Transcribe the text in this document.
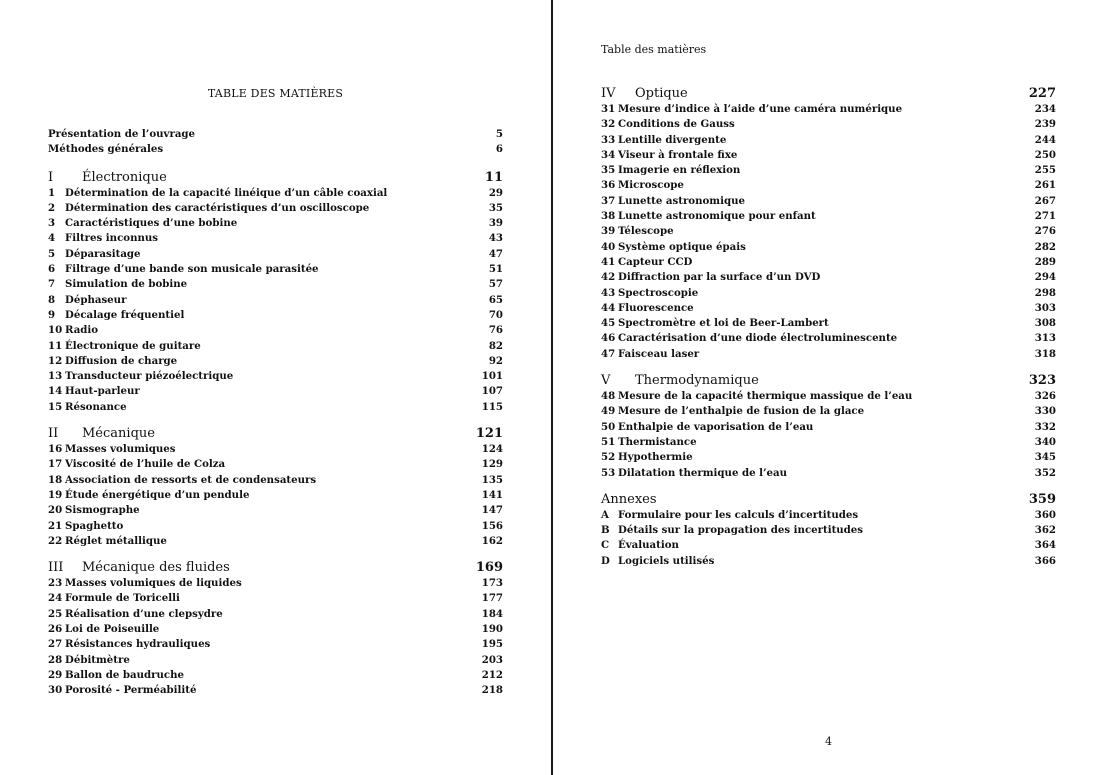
TABLE DES MATIÈRES
Présentation de l’ouvrage	5
Méthodes générales	6
I	Électronique	11
1 Détermination de la capacité linéique d’un câble coaxial	29
2 Détermination des caractéristiques d’un oscilloscope	35
3 Caractéristiques d’une bobine	39
4 Filtres inconnus	43
5 Déparasitage	47
6 Filtrage d’une bande son musicale parasitée	51
7 Simulation de bobine	57
8 Déphaseur	65
9 Décalage fréquentiel	70
10 Radio	76
11 Électronique de guitare	82
12 Diffusion de charge	92
13 Transducteur piézoélectrique	101
14 Haut-parleur	107
15 Résonance	115
II	Mécanique	121
16 Masses volumiques	124
17 Viscosité de l’huile de Colza	129
18 Association de ressorts et de condensateurs	135
19 Étude énergétique d’un pendule	141
20 Sismographe	147
21 Spaghetto	156
22 Réglet métallique	162
III	Mécanique des fluides	169
23 Masses volumiques de liquides	173
24 Formule de Toricelli	177
25 Réalisation d’une clepsydre	184
26 Loi de Poiseuille	190
27 Résistances hydrauliques	195
28 Débitmètre	203
29 Ballon de baudruche	212
30 Porosité - Perméabilité	218
Table des matières
IV	Optique	227
31 Mesure d’indice à l’aide d’une caméra numérique	234
32 Conditions de Gauss	239
33 Lentille divergente	244
34 Viseur à frontale fixe	250
35 Imagerie en réflexion	255
36 Microscope	261
37 Lunette astronomique	267
38 Lunette astronomique pour enfant	271
39 Télescope	276
40 Système optique épais	282
41 Capteur CCD	289
42 Diffraction par la surface d’un DVD	294
43 Spectroscopie	298
44 Fluorescence	303
45 Spectromètre et loi de Beer-Lambert	308
46 Caractérisation d’une diode électroluminescente	313
47 Faisceau laser	318
V	Thermodynamique	323
48 Mesure de la capacité thermique massique de l’eau	326
49 Mesure de l’enthalpie de fusion de la glace	330
50 Enthalpie de vaporisation de l’eau	332
51 Thermistance	340
52 Hypothermie	345
53 Dilatation thermique de l’eau	352
Annexes	359
A Formulaire pour les calculs d’incertitudes	360
B Détails sur la propagation des incertitudes	362
C Évaluation	364
D Logiciels utilisés	366
4
